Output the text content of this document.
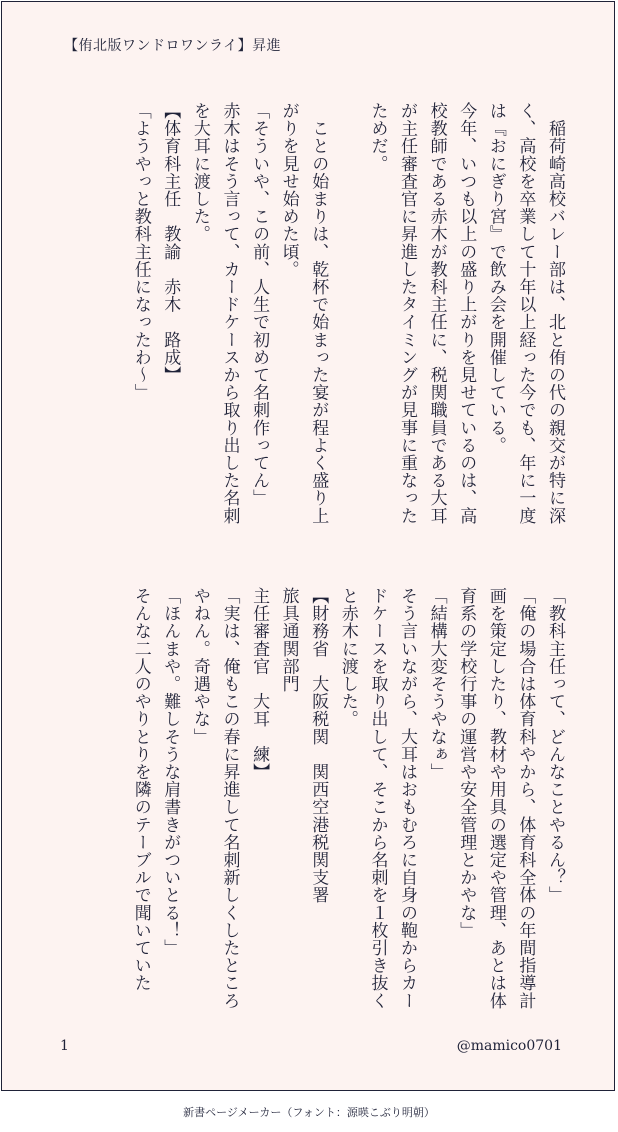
【侑北版ワンドロワンライ】昇進

　稲荷崎高校バレー部は、北と侑の代の親交が特に深

く、高校を卒業して十年以上経った今でも、年に一度

は『おにぎり宮』で飲み会を開催している。

今年、いつも以上の盛り上がりを見せているのは、高

校教師である赤木が教科主任に、税関職員である大耳

が主任審査官に昇進したタイミングが見事に重なった

ためだ。

　ことの始まりは、乾杯で始まった宴が程よく盛り上

がりを見せ始めた頃。

「そういや、この前、人生で初めて名刺作ってん」

赤木はそう言って、カードケースから取り出した名刺

を大耳に渡した。

【体育科主任　教諭　赤木　路成】

「ようやっと教科主任になったわ〜」

「教科主任って、どんなことやるん？」

「俺の場合は体育科やから、体育科全体の年間指導計

画を策定したり、教材や用具の選定や管理、あとは体

育系の学校行事の運営や安全管理とかやな」

「結構大変そうやなぁ」

そう言いながら、大耳はおもむろに自身の鞄からカー

ドケースを取り出して、そこから名刺を１枚引き抜く

と赤木に渡した。

【財務省　大阪税関　関西空港税関支署

旅具通関部門

主任審査官　大耳　練】

「実は、俺もこの春に昇進して名刺新しくしたところ

やねん。奇遇やな」

「ほんまや。難しそうな肩書きがついとる！」

そんな二人のやりとりを隣のテーブルで聞いていた

1	@mamico0701
新書ページメーカー（フォント：源暎こぶり明朝）
